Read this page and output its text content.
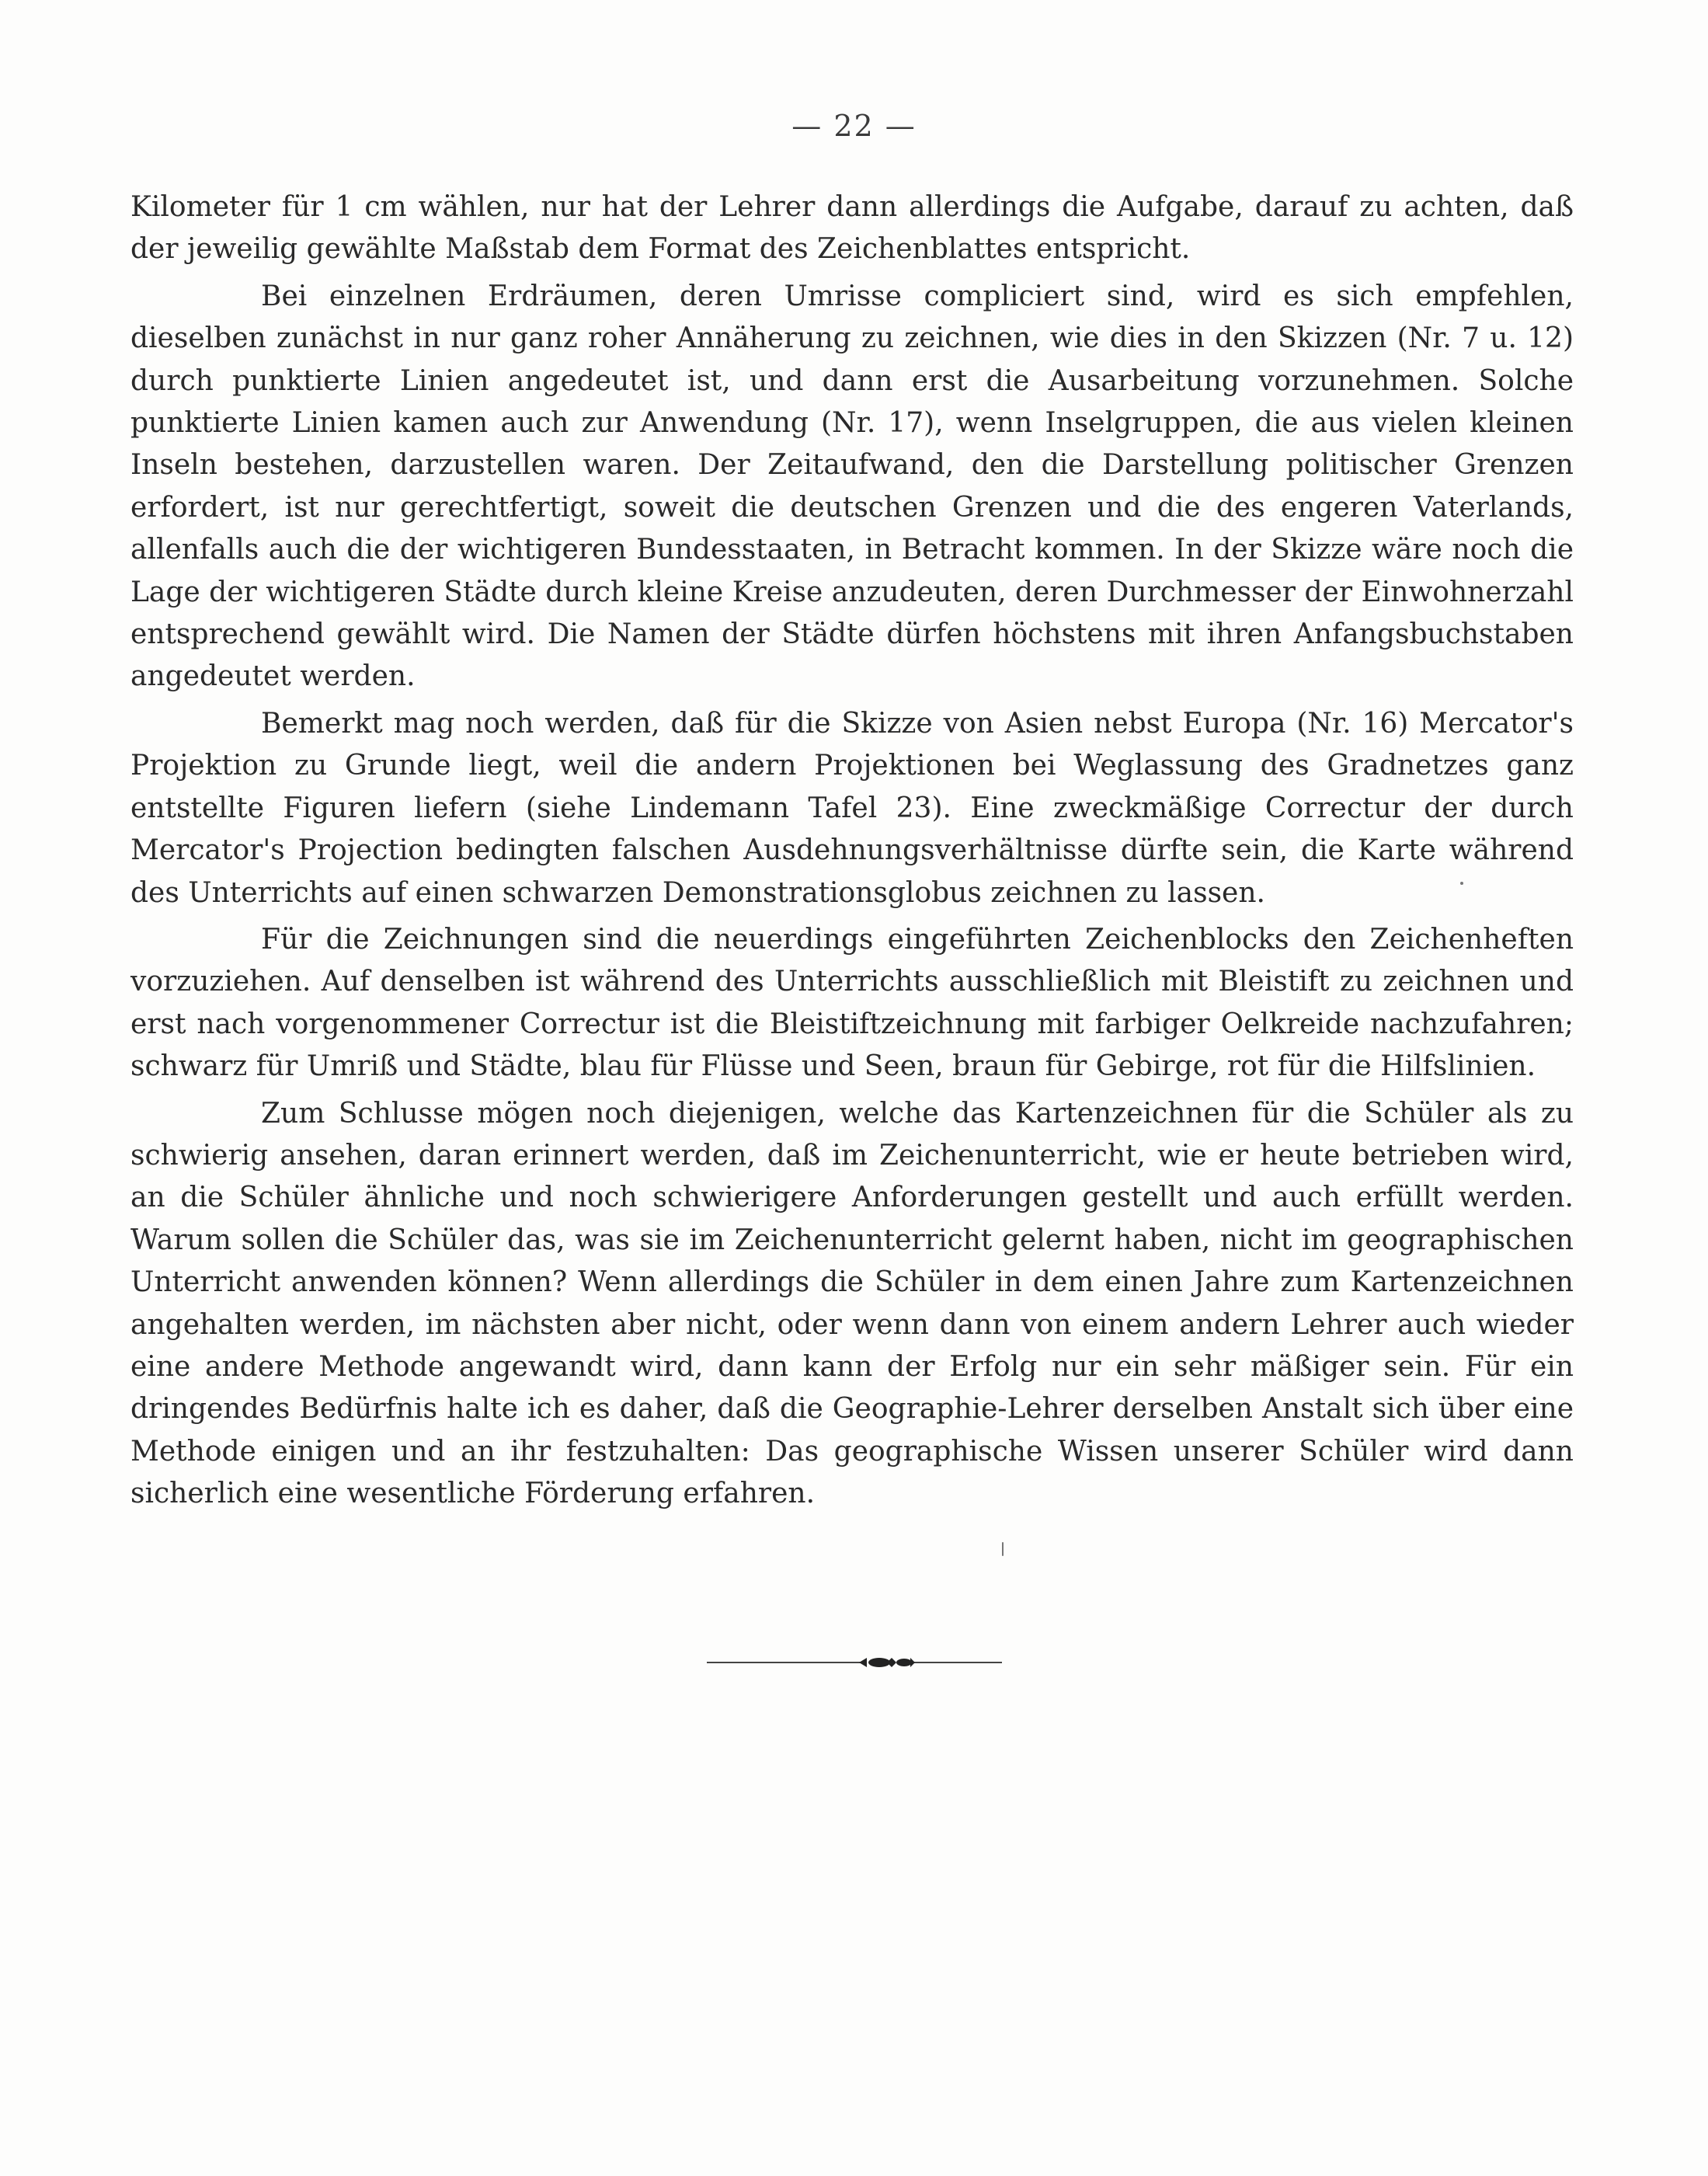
— 22 —

Kilometer für 1 cm wählen, nur hat der Lehrer dann allerdings die Aufgabe, darauf zu achten, daß der jeweilig gewählte Maßstab dem Format des Zeichenblattes entspricht.

Bei einzelnen Erdräumen, deren Umrisse compliciert sind, wird es sich empfehlen, dieselben zunächst in nur ganz roher Annäherung zu zeichnen, wie dies in den Skizzen (Nr. 7 u. 12) durch punktierte Linien angedeutet ist, und dann erst die Ausarbeitung vorzunehmen. Solche punktierte Linien kamen auch zur Anwendung (Nr. 17), wenn Inselgruppen, die aus vielen kleinen Inseln bestehen, darzustellen waren. Der Zeitaufwand, den die Darstellung politischer Grenzen erfordert, ist nur gerechtfertigt, soweit die deutschen Grenzen und die des engeren Vaterlands, allenfalls auch die der wichtigeren Bundesstaaten, in Betracht kommen. In der Skizze wäre noch die Lage der wichtigeren Städte durch kleine Kreise anzudeuten, deren Durchmesser der Einwohnerzahl entsprechend gewählt wird. Die Namen der Städte dürfen höchstens mit ihren Anfangsbuchstaben angedeutet werden.

Bemerkt mag noch werden, daß für die Skizze von Asien nebst Europa (Nr. 16) Mercator's Projektion zu Grunde liegt, weil die andern Projektionen bei Weglassung des Gradnetzes ganz entstellte Figuren liefern (siehe Lindemann Tafel 23). Eine zweckmäßige Correctur der durch Mercator's Projection bedingten falschen Ausdehnungsverhältnisse dürfte sein, die Karte während des Unterrichts auf einen schwarzen Demonstrationsglobus zeichnen zu lassen.

Für die Zeichnungen sind die neuerdings eingeführten Zeichenblocks den Zeichenheften vorzuziehen. Auf denselben ist während des Unterrichts ausschließlich mit Bleistift zu zeichnen und erst nach vorgenommener Correctur ist die Bleistiftzeichnung mit farbiger Oelkreide nachzufahren; schwarz für Umriß und Städte, blau für Flüsse und Seen, braun für Gebirge, rot für die Hilfslinien.

Zum Schlusse mögen noch diejenigen, welche das Kartenzeichnen für die Schüler als zu schwierig ansehen, daran erinnert werden, daß im Zeichenunterricht, wie er heute betrieben wird, an die Schüler ähnliche und noch schwierigere Anforderungen gestellt und auch erfüllt werden. Warum sollen die Schüler das, was sie im Zeichenunterricht gelernt haben, nicht im geographischen Unterricht anwenden können? Wenn allerdings die Schüler in dem einen Jahre zum Kartenzeichnen angehalten werden, im nächsten aber nicht, oder wenn dann von einem andern Lehrer auch wieder eine andere Methode angewandt wird, dann kann der Erfolg nur ein sehr mäßiger sein. Für ein dringendes Bedürfnis halte ich es daher, daß die Geographie-Lehrer derselben Anstalt sich über eine Methode einigen und an ihr festzuhalten: Das geographische Wissen unserer Schüler wird dann sicherlich eine wesentliche Förderung erfahren.
